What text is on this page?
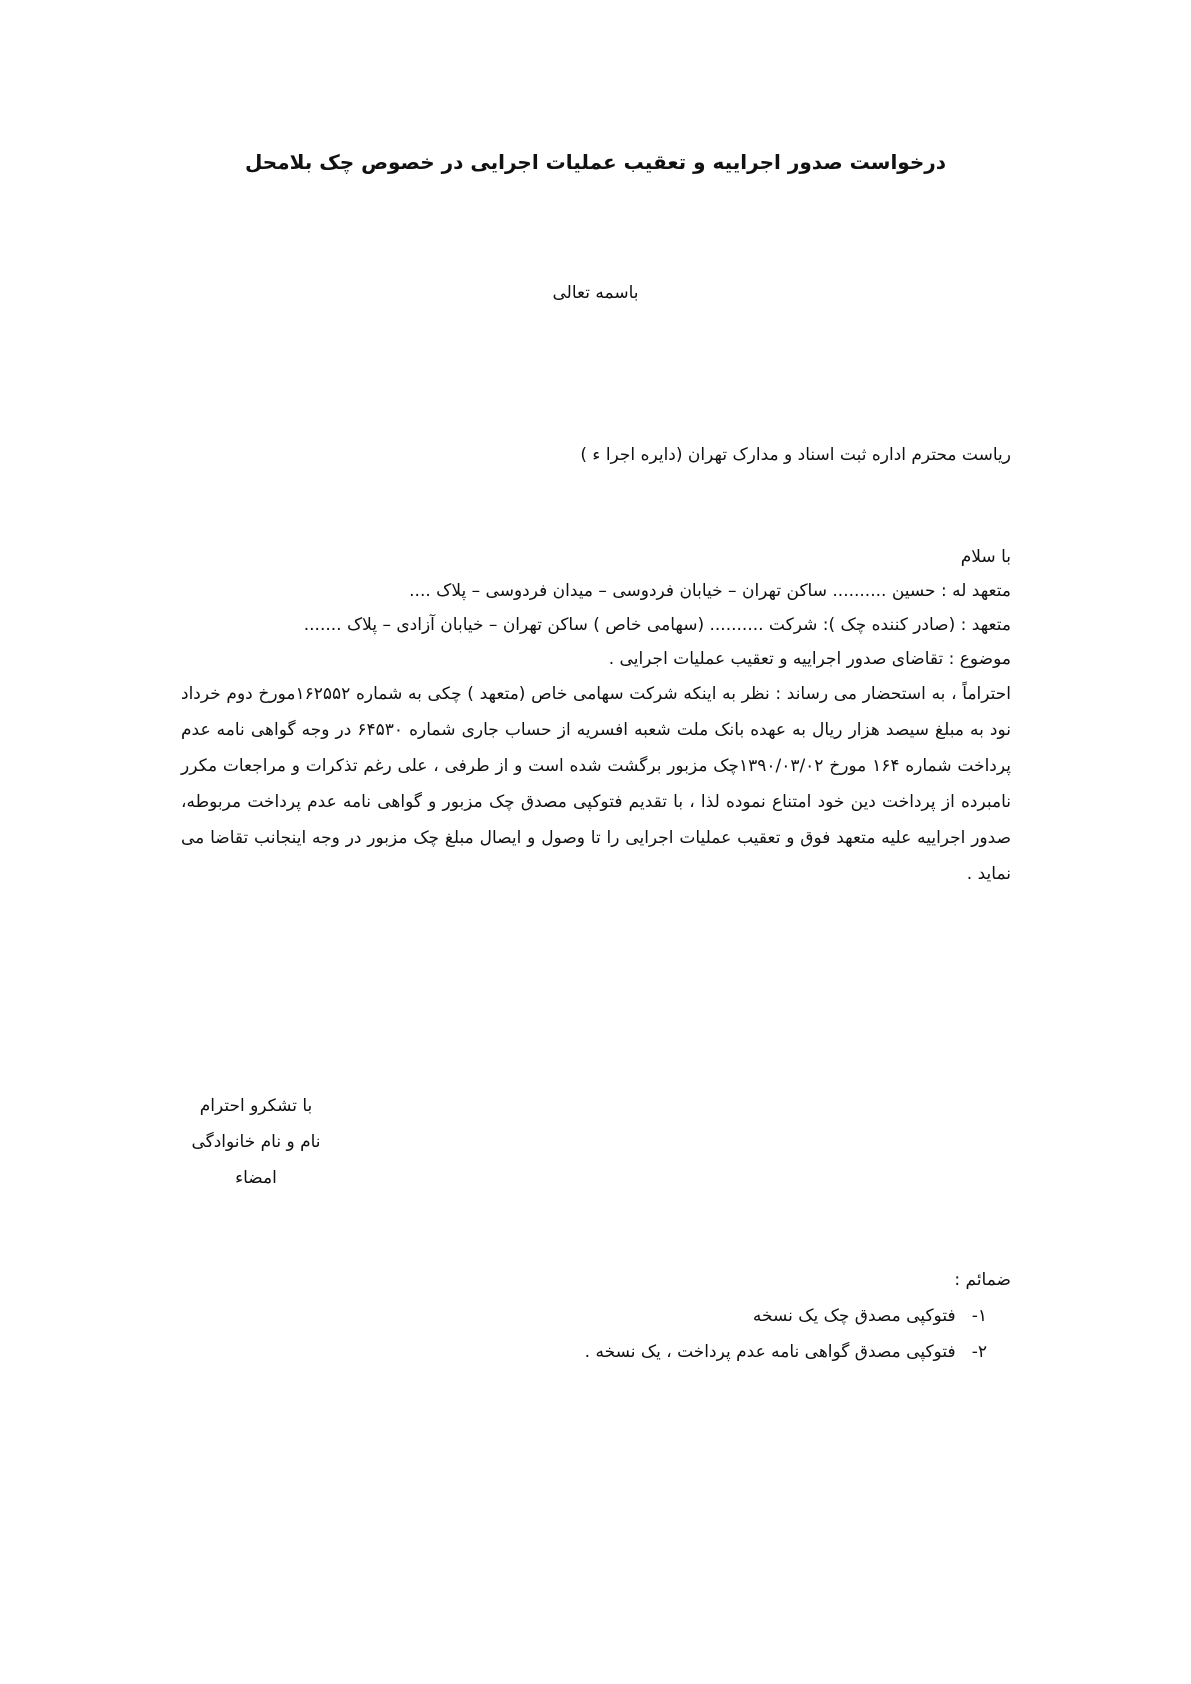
درخواست صدور اجراییه و تعقیب عملیات اجرایی در خصوص چک بلامحل

باسمه تعالی

ریاست محترم اداره ثبت اسناد و مدارک تهران (دایره اجرا ء )

با سلام
متعهد له : حسین .......... ساکن تهران – خیابان فردوسی – میدان فردوسی – پلاک ....
متعهد : (صادر کننده چک ): شرکت .......... (سهامی خاص ) ساکن تهران – خیابان آزادی – پلاک .......
موضوع : تقاضای صدور اجراییه و تعقیب عملیات اجرایی .

احتراماً ، به استحضار می رساند : نظر به اینکه شرکت سهامی خاص (متعهد ) چکی به شماره ۱۶۲۵۵۲مورخ دوم خرداد نود به مبلغ سیصد هزار ریال به عهده بانک ملت شعبه افسریه از حساب جاری شماره ۶۴۵۳۰ در وجه گواهی نامه عدم پرداخت شماره ۱۶۴ مورخ ۱۳۹۰/۰۳/۰۲چک مزبور برگشت شده است و از طرفی ، علی رغم تذکرات و مراجعات مکرر نامبرده از پرداخت دین خود امتناع نموده لذا ، با تقدیم فتوکپی مصدق چک مزبور و گواهی نامه عدم پرداخت مربوطه، صدور اجراییه علیه متعهد فوق و تعقیب عملیات اجرایی را تا وصول و ایصال مبلغ چک مزبور در وجه اینجانب تقاضا می نماید .

با تشکرو احترام
نام و نام خانوادگی
امضاء
ضمائم :
۱- فتوکپی مصدق چک یک نسخه
۲- فتوکپی مصدق گواهی نامه عدم پرداخت ، یک نسخه .
